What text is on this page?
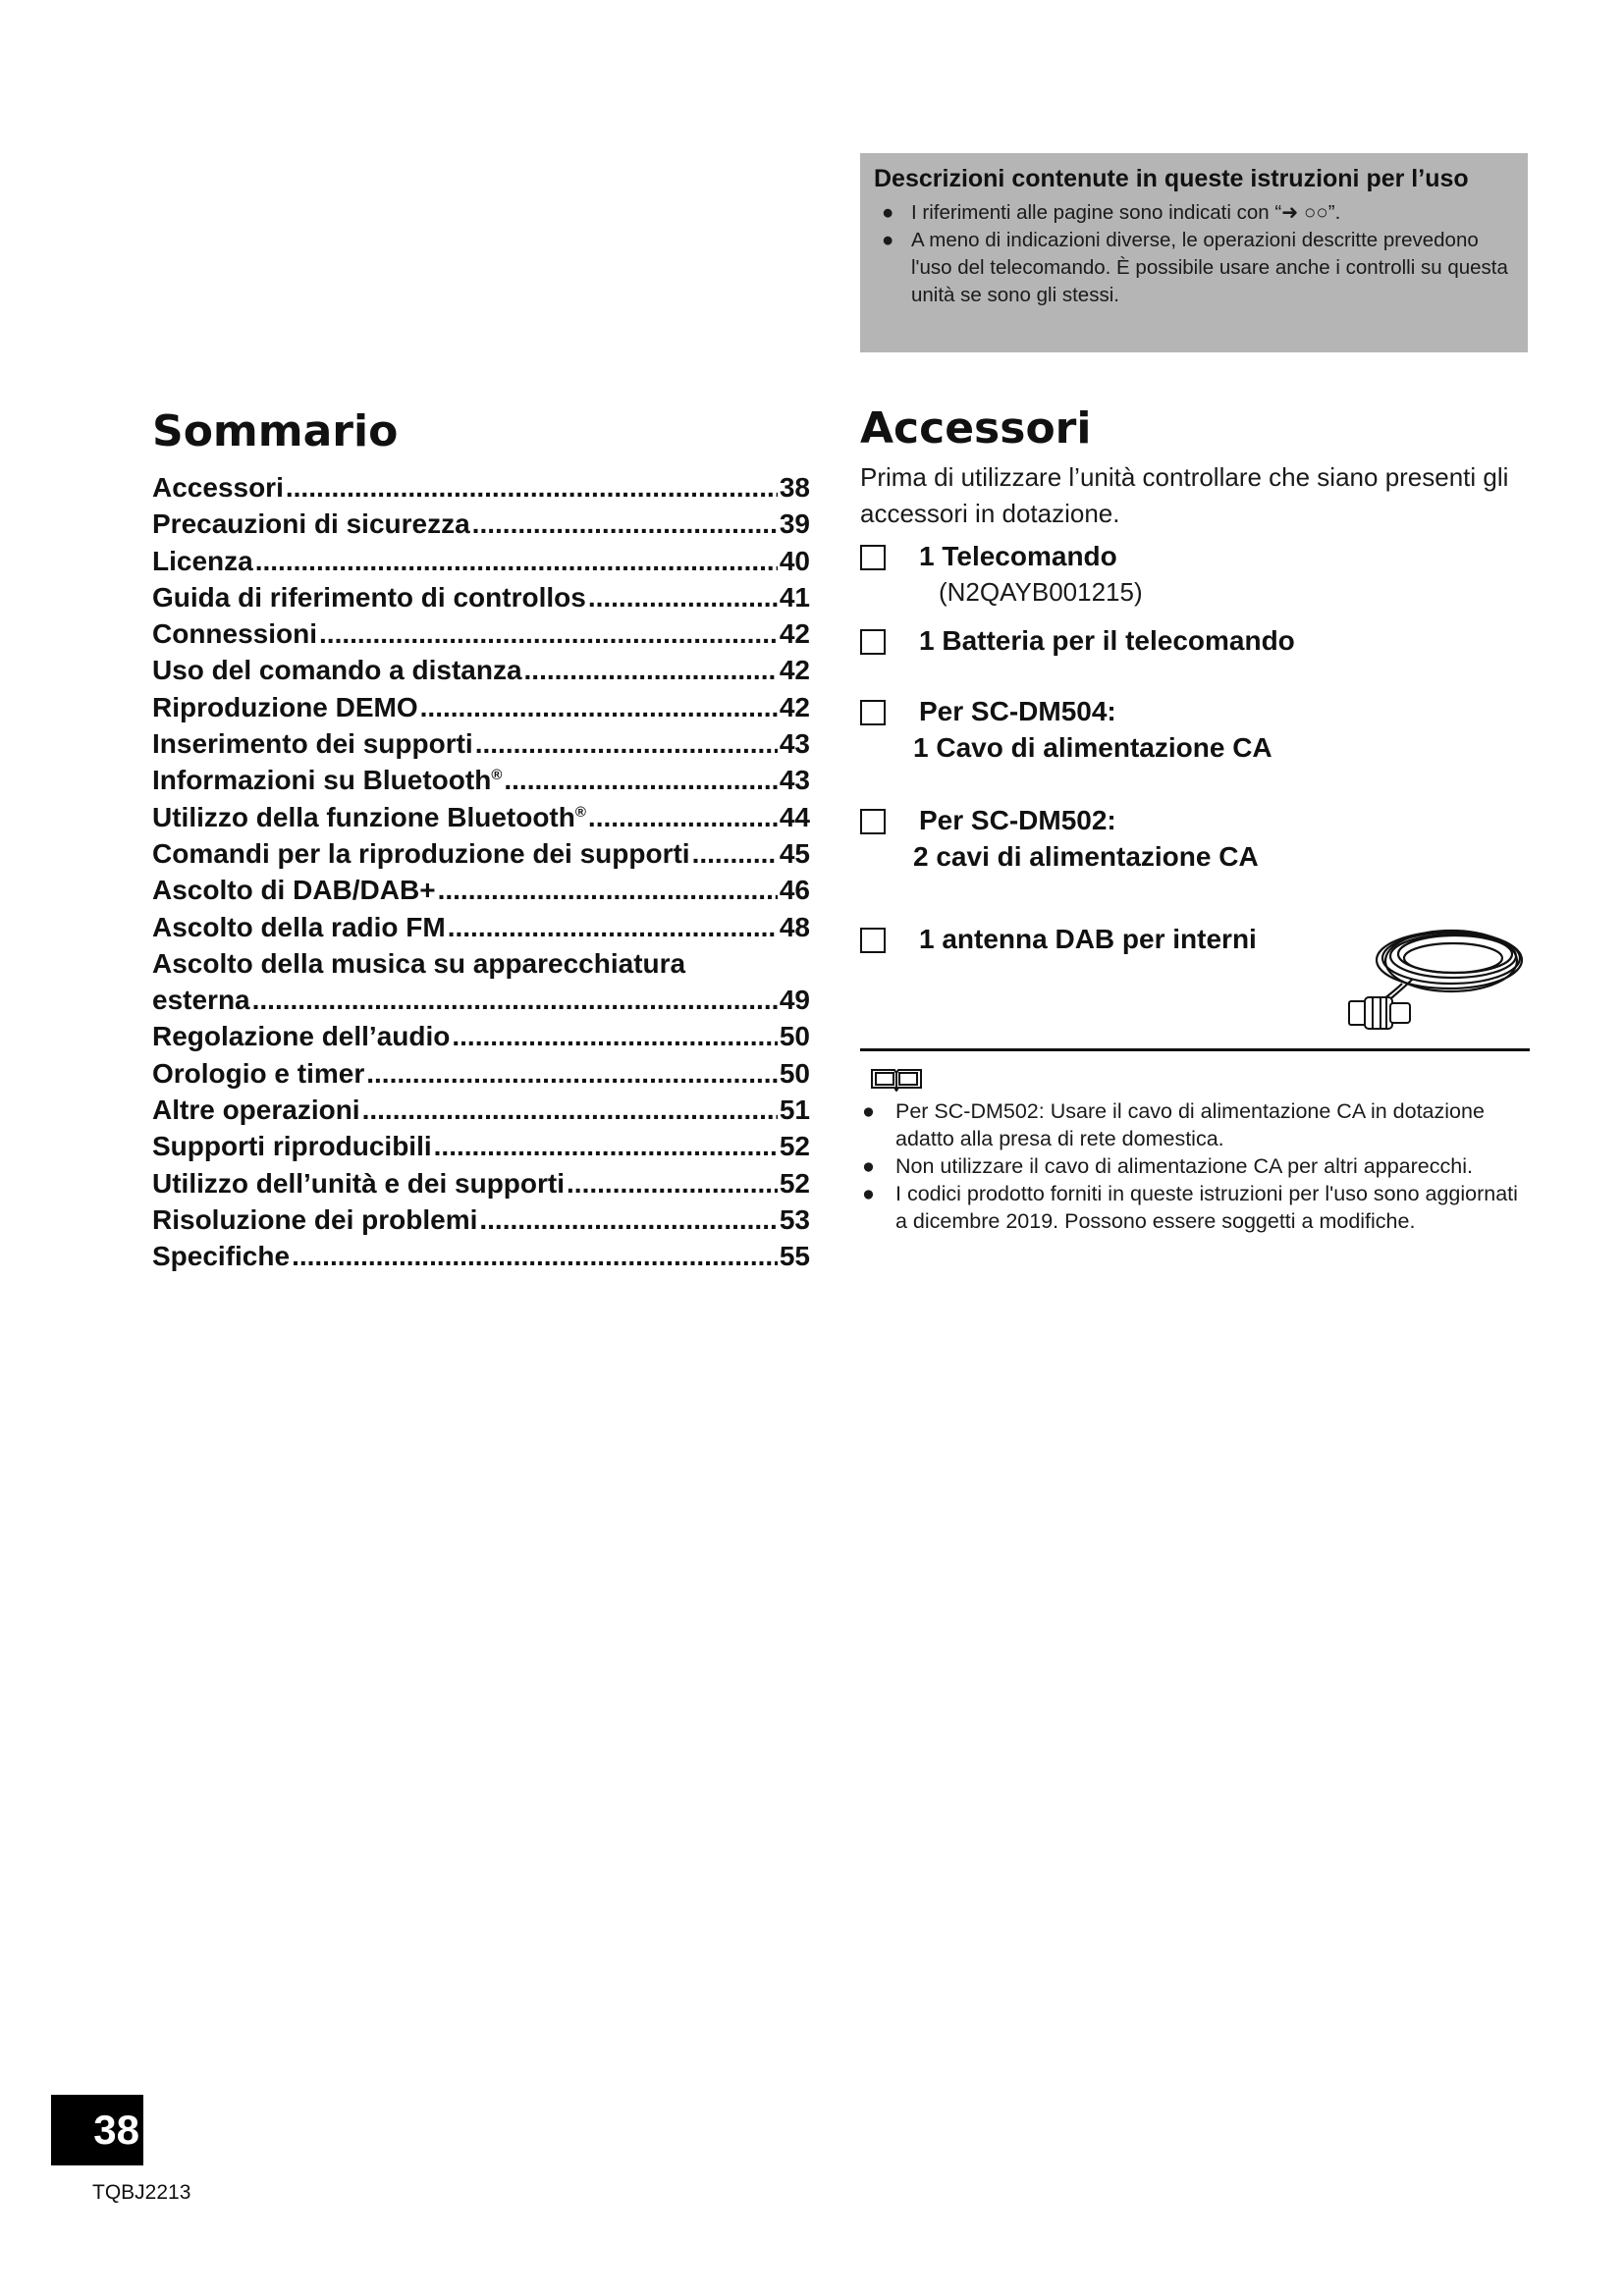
Descrizioni contenute in queste istruzioni per l’uso
● I riferimenti alle pagine sono indicati con “➜ ○○”.
● A meno di indicazioni diverse, le operazioni descritte prevedono l'uso del telecomando. È possibile usare anche i controlli su questa unità se sono gli stessi.
Sommario
Accessori .....	38
Precauzioni di sicurezza .....	39
Licenza .....	40
Guida di riferimento di controllos .....	41
Connessioni .....	42
Uso del comando a distanza .....	42
Riproduzione DEMO .....	42
Inserimento dei supporti .....	43
Informazioni su Bluetooth® .....	43
Utilizzo della funzione Bluetooth® .....	44
Comandi per la riproduzione dei supporti .....	45
Ascolto di DAB/DAB+ .....	46
Ascolto della radio FM .....	48
Ascolto della musica su apparecchiatura
esterna .....	49
Regolazione dell’audio .....	50
Orologio e timer .....	50
Altre operazioni .....	51
Supporti riproducibili .....	52
Utilizzo dell’unità e dei supporti .....	52
Risoluzione dei problemi .....	53
Specifiche .....	55
Accessori

Prima di utilizzare l’unità controllare che siano presenti gli accessori in dotazione.

1 Telecomando
(N2QAYB001215)
1 Batteria per il telecomando
Per SC-DM504:
1 Cavo di alimentazione CA
Per SC-DM502:
2 cavi di alimentazione CA
1 antenna DAB per interni
● Per SC-DM502: Usare il cavo di alimentazione CA in dotazione adatto alla presa di rete domestica.
● Non utilizzare il cavo di alimentazione CA per altri apparecchi.
● I codici prodotto forniti in queste istruzioni per l'uso sono aggiornati a dicembre 2019. Possono essere soggetti a modifiche.
38
TQBJ2213
